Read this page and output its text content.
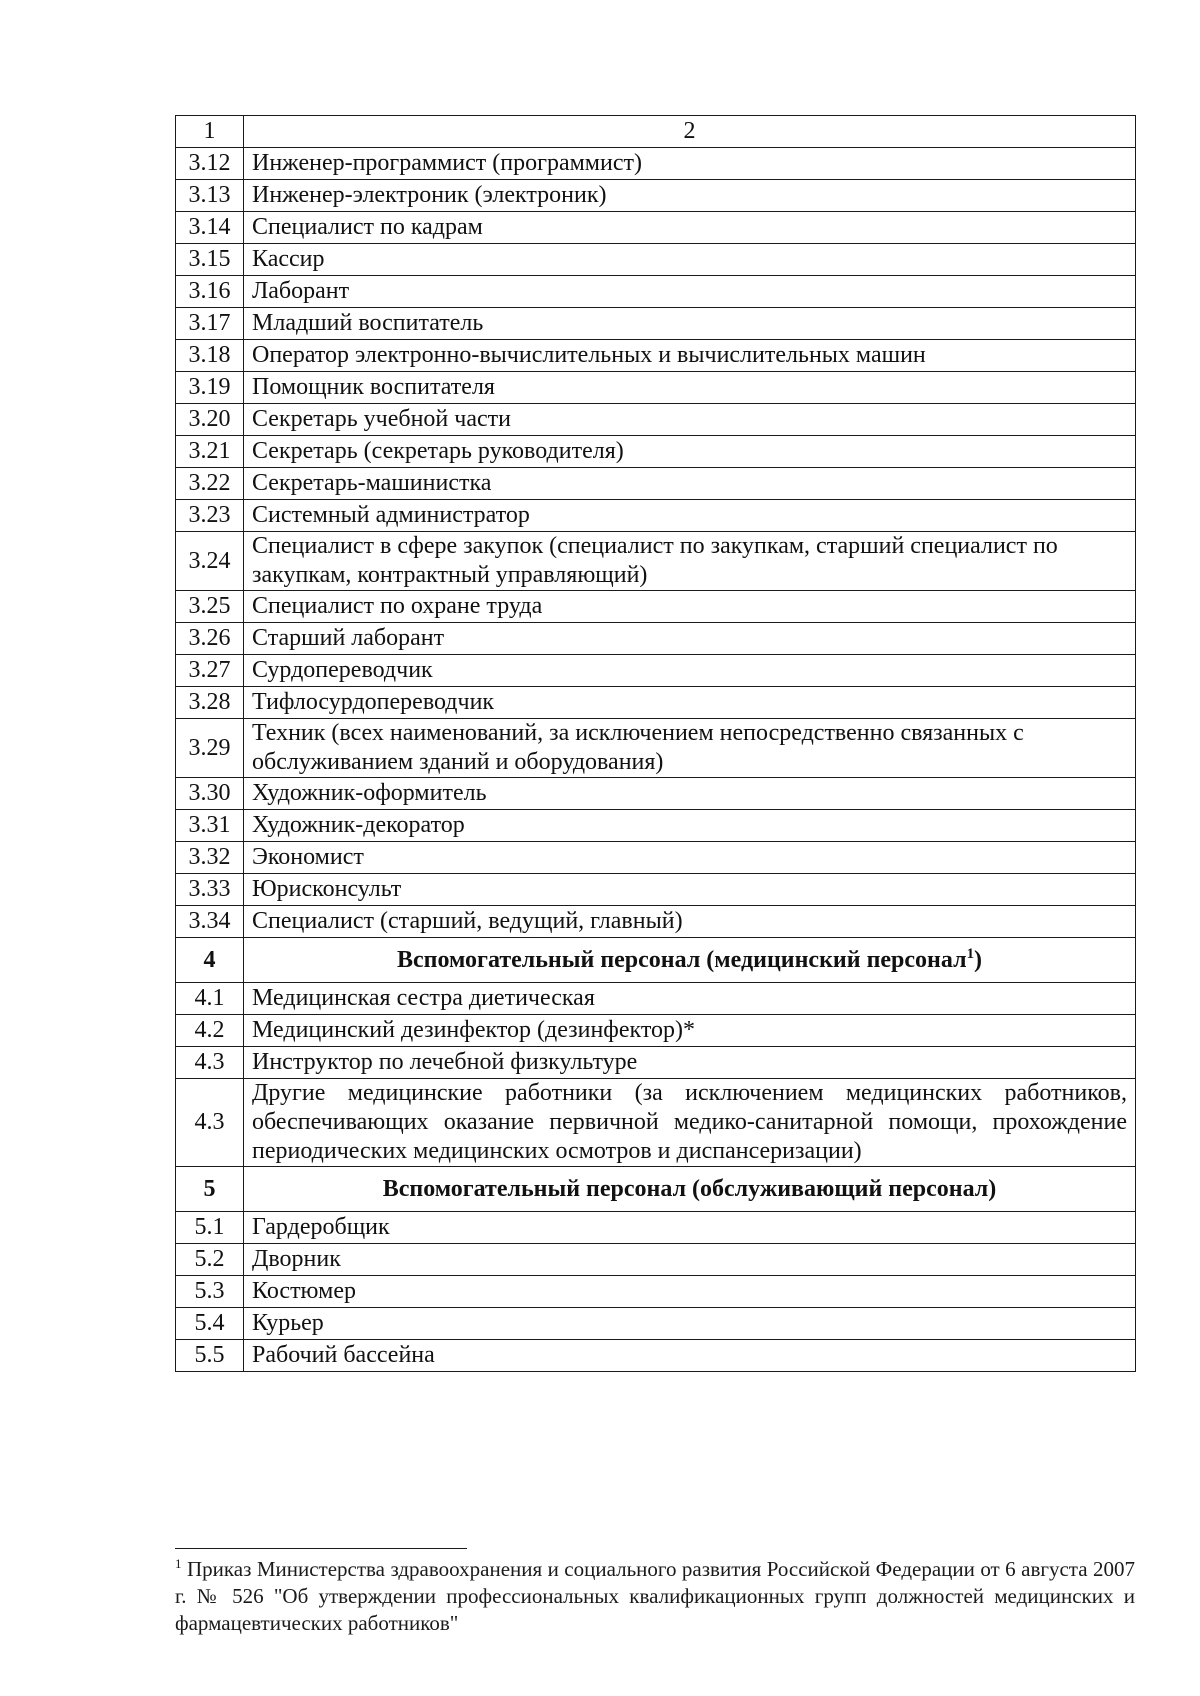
1	2
3.12	Инженер-программист (программист)
3.13	Инженер-электроник (электроник)
3.14	Специалист по кадрам
3.15	Кассир
3.16	Лаборант
3.17	Младший воспитатель
3.18	Оператор электронно-вычислительных и вычислительных машин
3.19	Помощник воспитателя
3.20	Секретарь учебной части
3.21	Секретарь (секретарь руководителя)
3.22	Секретарь-машинистка
3.23	Системный администратор
3.24	Специалист в сфере закупок (специалист по закупкам, старший специалист по закупкам, контрактный управляющий)
3.25	Специалист по охране труда
3.26	Старший лаборант
3.27	Сурдопереводчик
3.28	Тифлосурдопереводчик
3.29	Техник (всех наименований, за исключением непосредственно связанных с обслуживанием зданий и оборудования)
3.30	Художник-оформитель
3.31	Художник-декоратор
3.32	Экономист
3.33	Юрисконсульт
3.34	Специалист (старший, ведущий, главный)
4	Вспомогательный персонал (медицинский персонал$^1$)
4.1	Медицинская сестра диетическая
4.2	Медицинский дезинфектор (дезинфектор)*
4.3	Инструктор по лечебной физкультуре
4.3	Другие медицинские работники (за исключением медицинских работников, обеспечивающих оказание первичной медико-санитарной помощи, прохождение периодических медицинских осмотров и диспансеризации)
5	Вспомогательный персонал (обслуживающий персонал)
5.1	Гардеробщик
5.2	Дворник
5.3	Костюмер
5.4	Курьер
5.5	Рабочий бассейна
$^1$ Приказ Министерства здравоохранения и социального развития Российской Федерации от 6 августа 2007 г. № 526 "Об утверждении профессиональных квалификационных групп должностей медицинских и фармацевтических работников"
